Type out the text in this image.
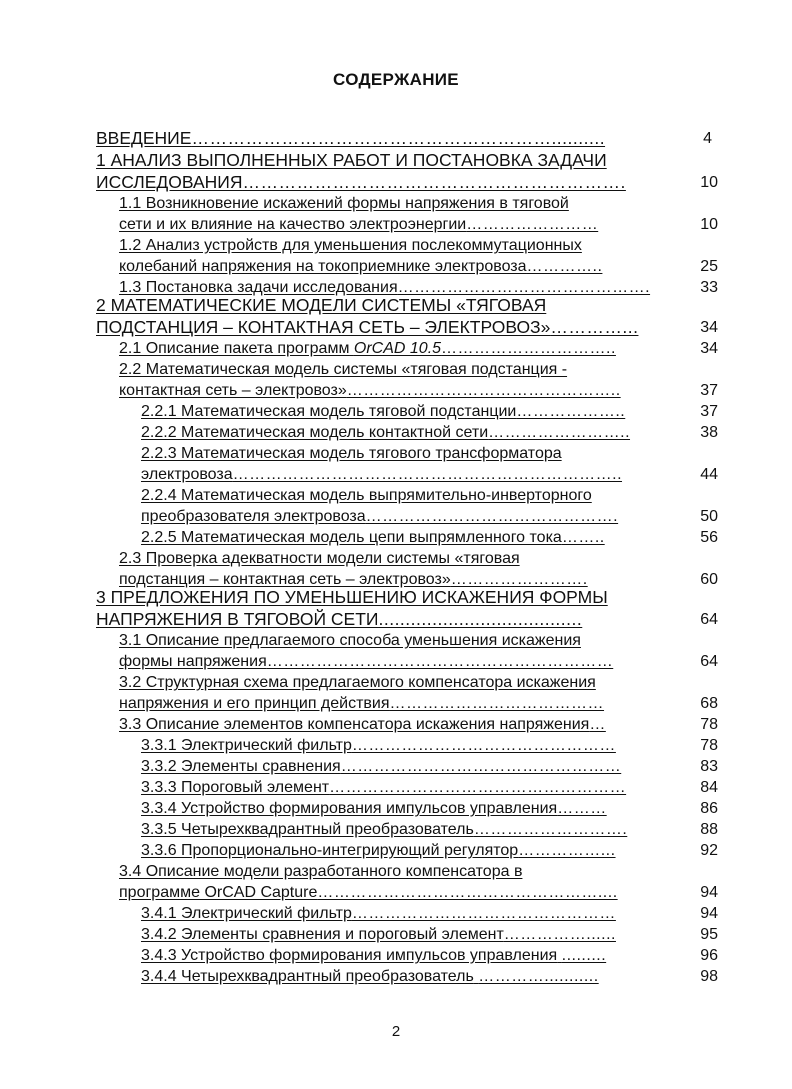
СОДЕРЖАНИЕ
ВВЕДЕНИЕ……………………………………………………..........	4
1 АНАЛИЗ ВЫПОЛНЕННЫХ РАБОТ И ПОСТАНОВКА ЗАДАЧИ
ИССЛЕДОВАНИЯ……………………………………………………….	10
1.1 Возникновение искажений формы напряжения в тяговой
сети и их влияние на качество электроэнергии……………………	10
1.2 Анализ устройств для уменьшения послекоммутационных
колебаний напряжения на токоприемнике электровоза…………..	25
1.3 Постановка задачи исследования……………………………………….	33
2 МАТЕМАТИЧЕСКИЕ МОДЕЛИ СИСТЕМЫ «ТЯГОВАЯ
ПОДСТАНЦИЯ – КОНТАКТНАЯ СЕТЬ – ЭЛЕКТРОВОЗ»…………...	34
2.1 Описание пакета программ OrCAD 10.5…………………………..	34
2.2 Математическая модель системы «тяговая подстанция -
контактная сеть – электровоз»…………………………………………..	37
2.2.1 Математическая модель тяговой подстанции………………..	37
2.2.2 Математическая модель контактной сети……………………..	38
2.2.3 Математическая модель тягового трансформатора
электровоза……………………………………………………………..	44
2.2.4 Математическая модель выпрямительно-инверторного
преобразователя электровоза……………………………………….	50
2.2.5 Математическая модель цепи выпрямленного тока……..	56
2.3 Проверка адекватности модели системы «тяговая
подстанция – контактная сеть – электровоз»…………………….	60
3 ПРЕДЛОЖЕНИЯ ПО УМЕНЬШЕНИЮ ИСКАЖЕНИЯ ФОРМЫ
НАПРЯЖЕНИЯ В ТЯГОВОЙ СЕТИ......................................	64
3.1 Описание предлагаемого способа уменьшения искажения
формы напряжения………………………………………………………	64
3.2 Структурная схема предлагаемого компенсатора искажения
напряжения и его принцип действия…………………………………	68
3.3 Описание элементов компенсатора искажения напряжения…	78
3.3.1 Электрический фильтр…………………………………………	78
3.3.2 Элементы сравнения……………………………………………	83
3.3.3 Пороговый элемент………………………………………………	84
3.3.4 Устройство формирования импульсов управления………	86
3.3.5 Четырехквадрантный преобразователь……………………….	88
3.3.6 Пропорционально-интегрирующий регулятор……………...	92
3.4 Описание модели разработанного компенсатора в
программе OrCAD Capture……………………………………………....	94
3.4.1 Электрический фильтр…………………………………………	94
3.4.2 Элементы сравнения и пороговый элемент……………......	95
3.4.3 Устройство формирования импульсов управления .........	96
3.4.4 Четырехквадрантный преобразователь …………...........	98
2
